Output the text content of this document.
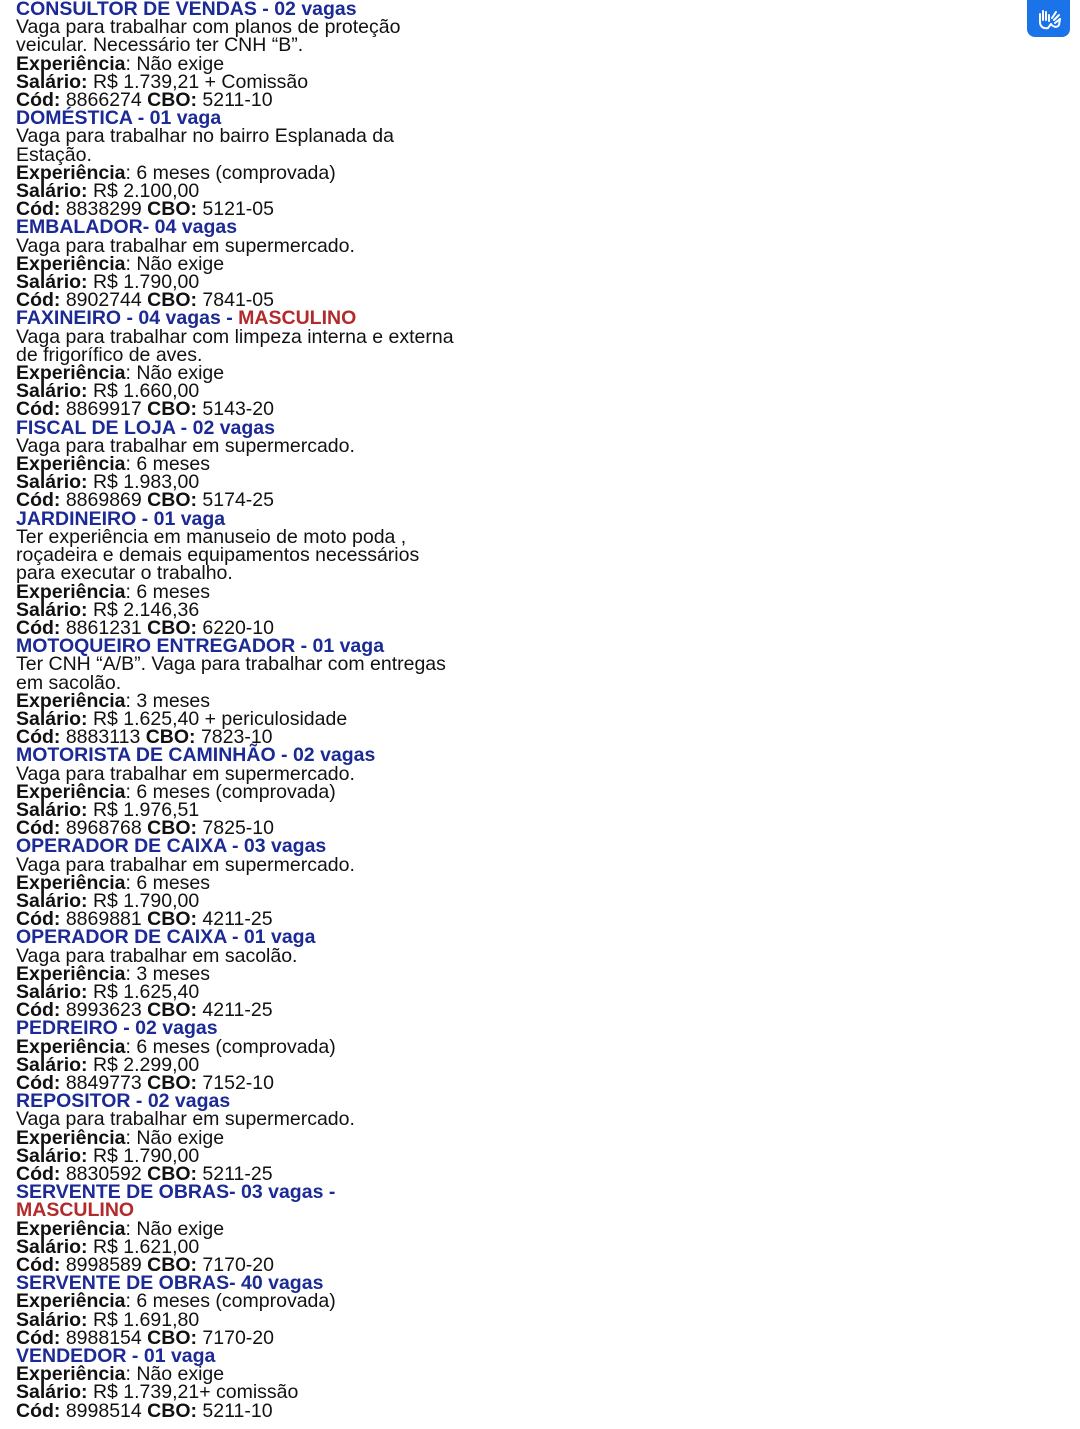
CONSULTOR DE VENDAS - 02 vagas
Vaga para trabalhar com planos de proteção veicular. Necessário ter CNH “B”.
Experiência: Não exige
Salário: R$ 1.739,21 + Comissão
Cód: 8866274 CBO: 5211-10
DOMÉSTICA - 01 vaga
Vaga para trabalhar no bairro Esplanada da Estação.
Experiência: 6 meses (comprovada)
Salário: R$ 2.100,00
Cód: 8838299 CBO: 5121-05
EMBALADOR- 04 vagas
Vaga para trabalhar em supermercado.
Experiência: Não exige
Salário: R$ 1.790,00
Cód: 8902744 CBO: 7841-05
FAXINEIRO - 04 vagas - MASCULINO
Vaga para trabalhar com limpeza interna e externa de frigorífico de aves.
Experiência: Não exige
Salário: R$ 1.660,00
Cód: 8869917 CBO: 5143-20
FISCAL DE LOJA - 02 vagas
Vaga para trabalhar em supermercado.
Experiência: 6 meses
Salário: R$ 1.983,00
Cód: 8869869 CBO: 5174-25
JARDINEIRO - 01 vaga
Ter experiência em manuseio de moto poda , roçadeira e demais equipamentos necessários para executar o trabalho.
Experiência: 6 meses
Salário: R$ 2.146,36
Cód: 8861231 CBO: 6220-10
MOTOQUEIRO ENTREGADOR - 01 vaga
Ter CNH “A/B”. Vaga para trabalhar com entregas em sacolão.
Experiência: 3 meses
Salário: R$ 1.625,40 + periculosidade
Cód: 8883113 CBO: 7823-10
MOTORISTA DE CAMINHÃO - 02 vagas
Vaga para trabalhar em supermercado.
Experiência: 6 meses (comprovada)
Salário: R$ 1.976,51
Cód: 8968768 CBO: 7825-10
OPERADOR DE CAIXA - 03 vagas
Vaga para trabalhar em supermercado.
Experiência: 6 meses
Salário: R$ 1.790,00
Cód: 8869881 CBO: 4211-25
OPERADOR DE CAIXA - 01 vaga
Vaga para trabalhar em sacolão.
Experiência: 3 meses
Salário: R$ 1.625,40
Cód: 8993623 CBO: 4211-25
PEDREIRO - 02 vagas
Experiência: 6 meses (comprovada)
Salário: R$ 2.299,00
Cód: 8849773 CBO: 7152-10
REPOSITOR - 02 vagas
Vaga para trabalhar em supermercado.
Experiência: Não exige
Salário: R$ 1.790,00
Cód: 8830592 CBO: 5211-25
SERVENTE DE OBRAS- 03 vagas -
MASCULINO
Experiência: Não exige
Salário: R$ 1.621,00
Cód: 8998589 CBO: 7170-20
SERVENTE DE OBRAS- 40 vagas
Experiência: 6 meses (comprovada)
Salário: R$ 1.691,80
Cód: 8988154 CBO: 7170-20
VENDEDOR - 01 vaga
Experiência: Não exige
Salário: R$ 1.739,21+ comissão
Cód: 8998514 CBO: 5211-10
